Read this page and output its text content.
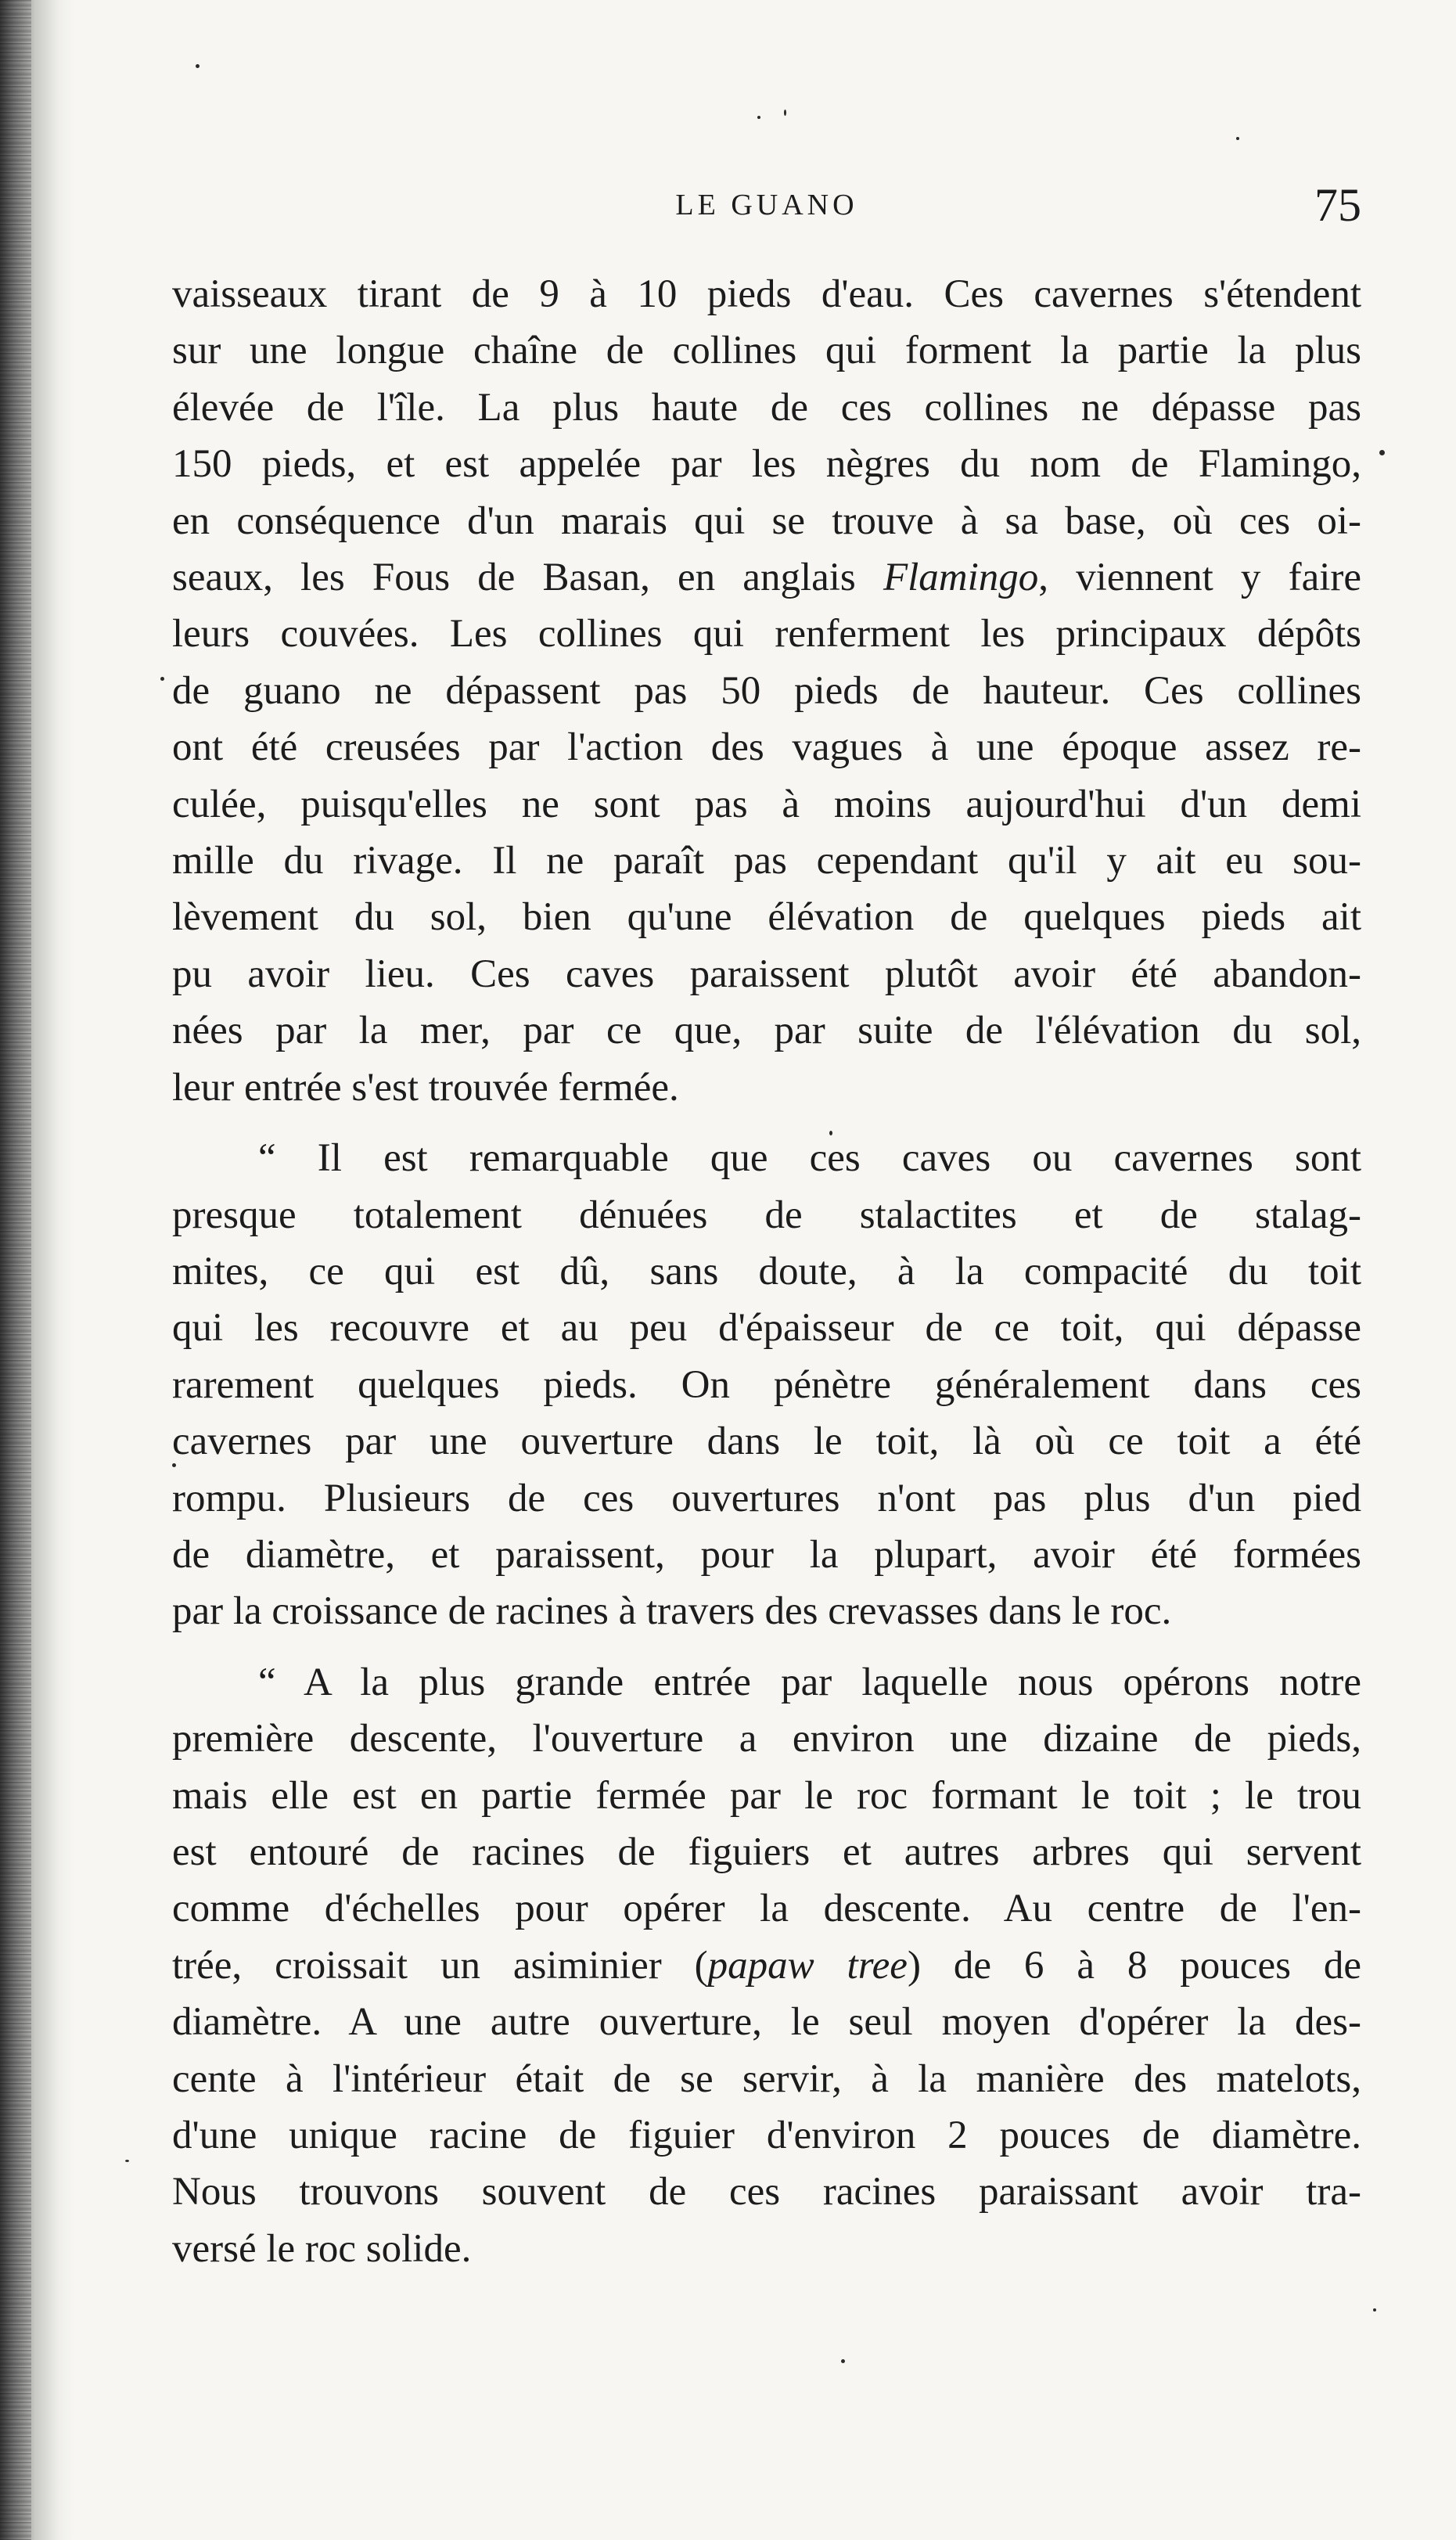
LE GUANO	75
vaisseaux tirant de 9 à 10 pieds d'eau. Ces cavernes s'étendent
sur une longue chaîne de collines qui forment la partie la plus
élevée de l'île. La plus haute de ces collines ne dépasse pas
150 pieds, et est appelée par les nègres du nom de Flamingo,
en conséquence d'un marais qui se trouve à sa base, où ces oi-
seaux, les Fous de Basan, en anglais Flamingo, viennent y faire
leurs couvées. Les collines qui renferment les principaux dépôts
de guano ne dépassent pas 50 pieds de hauteur. Ces collines
ont été creusées par l'action des vagues à une époque assez re-
culée, puisqu'elles ne sont pas à moins aujourd'hui d'un demi
mille du rivage. Il ne paraît pas cependant qu'il y ait eu sou-
lèvement du sol, bien qu'une élévation de quelques pieds ait
pu avoir lieu. Ces caves paraissent plutôt avoir été abandon-
nées par la mer, par ce que, par suite de l'élévation du sol,
leur entrée s'est trouvée fermée.
“ Il est remarquable que ces caves ou cavernes sont
presque totalement dénuées de stalactites et de stalag-
mites, ce qui est dû, sans doute, à la compacité du toit
qui les recouvre et au peu d'épaisseur de ce toit, qui dépasse
rarement quelques pieds. On pénètre généralement dans ces
cavernes par une ouverture dans le toit, là où ce toit a été
rompu. Plusieurs de ces ouvertures n'ont pas plus d'un pied
de diamètre, et paraissent, pour la plupart, avoir été formées
par la croissance de racines à travers des crevasses dans le roc.
“ A la plus grande entrée par laquelle nous opérons notre
première descente, l'ouverture a environ une dizaine de pieds,
mais elle est en partie fermée par le roc formant le toit ; le trou
est entouré de racines de figuiers et autres arbres qui servent
comme d'échelles pour opérer la descente. Au centre de l'en-
trée, croissait un asiminier (papaw tree) de 6 à 8 pouces de
diamètre. A une autre ouverture, le seul moyen d'opérer la des-
cente à l'intérieur était de se servir, à la manière des matelots,
d'une unique racine de figuier d'environ 2 pouces de diamètre.
Nous trouvons souvent de ces racines paraissant avoir tra-
versé le roc solide.
